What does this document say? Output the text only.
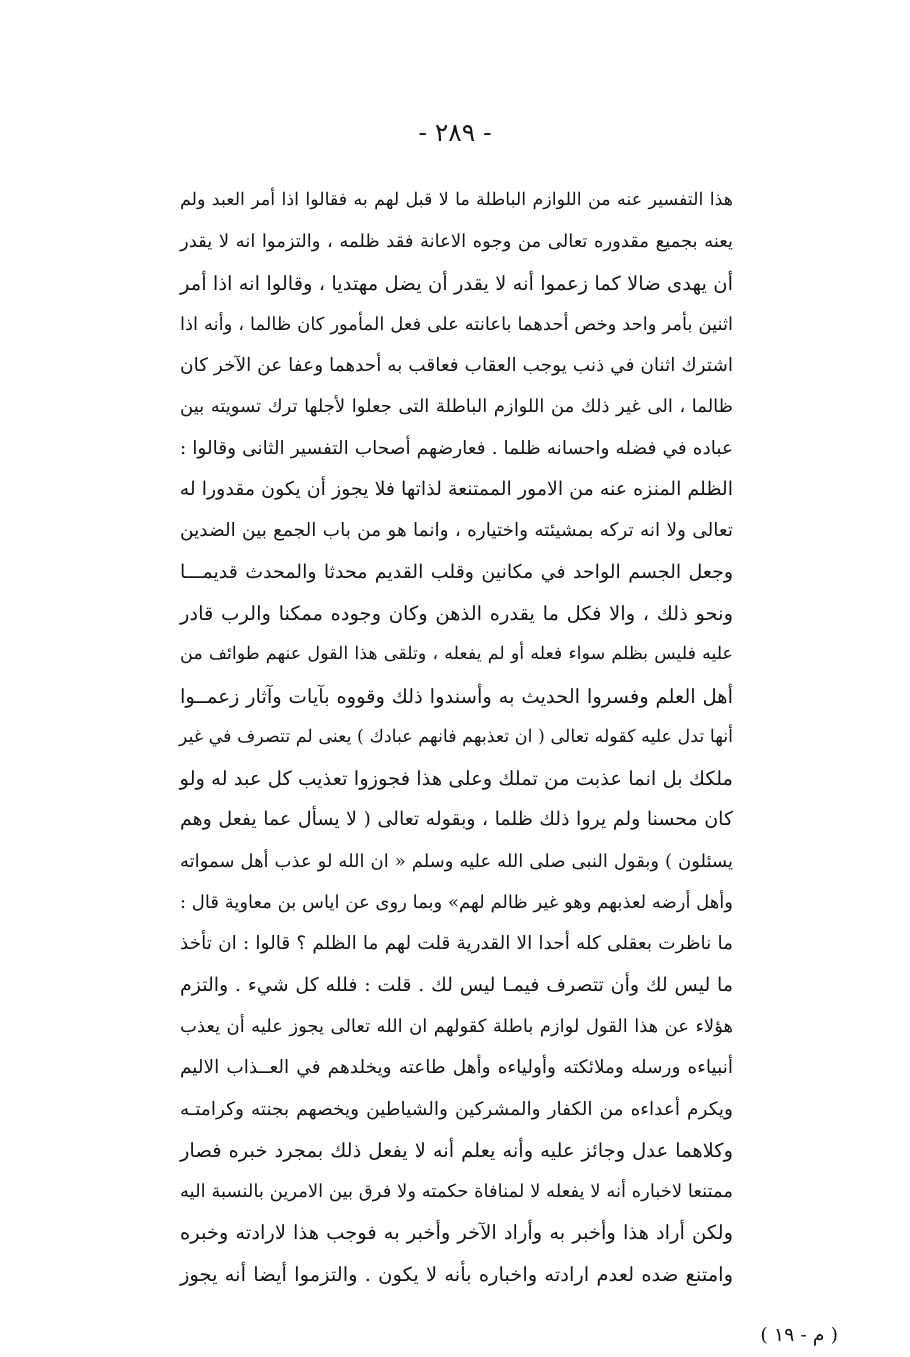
- ٢٨٩ -
هذا التفسير عنه من اللوازم الباطلة ما لا قبل لهم به فقالوا اذا أمر العبد ولم
يعنه بجميع مقدوره تعالى من وجوه الاعانة فقد ظلمه ، والتزموا انه لا يقدر
أن يهدى ضالا كما زعموا أنه لا يقدر أن يضل مهتديا ، وقالوا انه اذا أمر
اثنين بأمر واحد وخص أحدهما باعانته على فعل المأمور كان ظالما ، وأنه اذا
اشترك اثنان في ذنب يوجب العقاب فعاقب به أحدهما وعفا عن الآخر كان
ظالما ، الى غير ذلك من اللوازم الباطلة التى جعلوا لأجلها ترك تسويته بين
عباده في فضله واحسانه ظلما . فعارضهم أصحاب التفسير الثانى وقالوا :
الظلم المنزه عنه من الامور الممتنعة لذاتها فلا يجوز أن يكون مقدورا له
تعالى ولا انه تركه بمشيئته واختياره ، وانما هو من باب الجمع بين الضدين
وجعل الجسم الواحد في مكانين وقلب القديم محدثا والمحدث قديمـــا
ونحو ذلك ، والا فكل ما يقدره الذهن وكان وجوده ممكنا والرب قادر
عليه فليس بظلم سواء فعله أو لم يفعله ، وتلقى هذا القول عنهم طوائف من
أهل العلم وفسروا الحديث به وأسندوا ذلك وقووه بآيات وآثار زعمــوا
أنها تدل عليه كقوله تعالى ( ان تعذبهم فانهم عبادك ) يعنى لم تتصرف في غير
ملكك بل انما عذبت من تملك وعلى هذا فجوزوا تعذيب كل عبد له ولو
كان محسنا ولم يروا ذلك ظلما ، وبقوله تعالى ( لا يسأل عما يفعل وهم
يسئلون ) وبقول النبى صلى الله عليه وسلم « ان الله لو عذب أهل سمواته
وأهل أرضه لعذبهم وهو غير ظالم لهم» وبما روى عن اياس بن معاوية قال :
ما ناظرت بعقلى كله أحدا الا القدرية قلت لهم ما الظلم ؟ قالوا : ان تأخذ
ما ليس لك وأن تتصرف فيمـا ليس لك . قلت : فلله كل شيء . والتزم
هؤلاء عن هذا القول لوازم باطلة كقولهم ان الله تعالى يجوز عليه أن يعذب
أنبياءه ورسله وملائكته وأولياءه وأهل طاعته ويخلدهم في العــذاب الاليم
ويكرم أعداءه من الكفار والمشركين والشياطين ويخصهم بجنته وكرامتـه
وكلاهما عدل وجائز عليه وأنه يعلم أنه لا يفعل ذلك بمجرد خبره فصار
ممتنعا لاخباره أنه لا يفعله لا لمنافاة حكمته ولا فرق بين الامرين بالنسبة اليه
ولكن أراد هذا وأخبر به وأراد الآخر وأخبر به فوجب هذا لارادته وخبره
وامتنع ضده لعدم ارادته واخباره بأنه لا يكون . والتزموا أيضا أنه يجوز
( م - ١٩ )
